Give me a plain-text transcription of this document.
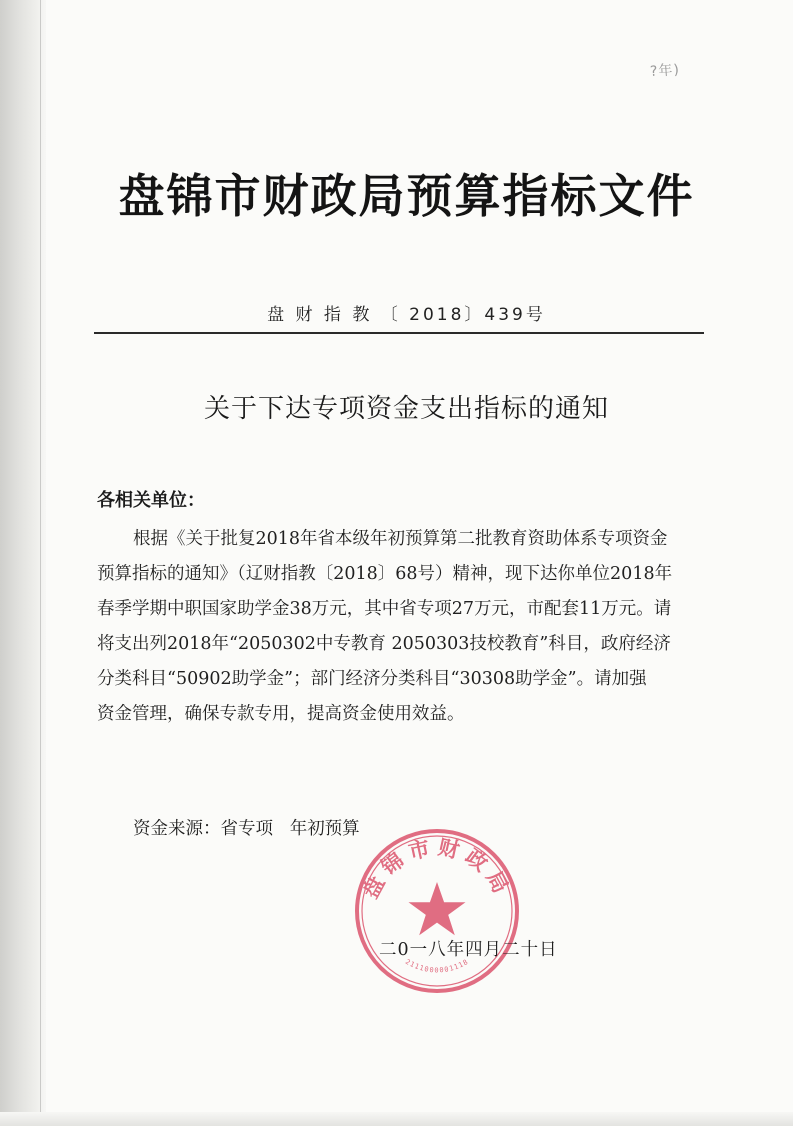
?年)
盘锦市财政局预算指标文件
盘 财 指 教 〔 2018〕439号
关于下达专项资金支出指标的通知
各相关单位：
根据《关于批复2018年省本级年初预算第二批教育资助体系专项资金
预算指标的通知》（辽财指教〔2018〕68号）精神，现下达你单位2018年
春季学期中职国家助学金38万元，其中省专项27万元，市配套11万元。请
将支出列2018年“2050302中专教育 2050303技校教育”科目，政府经济
分类科目“50902助学金”；部门经济分类科目“30308助学金”。请加强
资金管理，确保专款专用，提高资金使用效益。
资金来源：省专项   年初预算
盘锦市财政局
2111000001118
二0一八年四月二十日
